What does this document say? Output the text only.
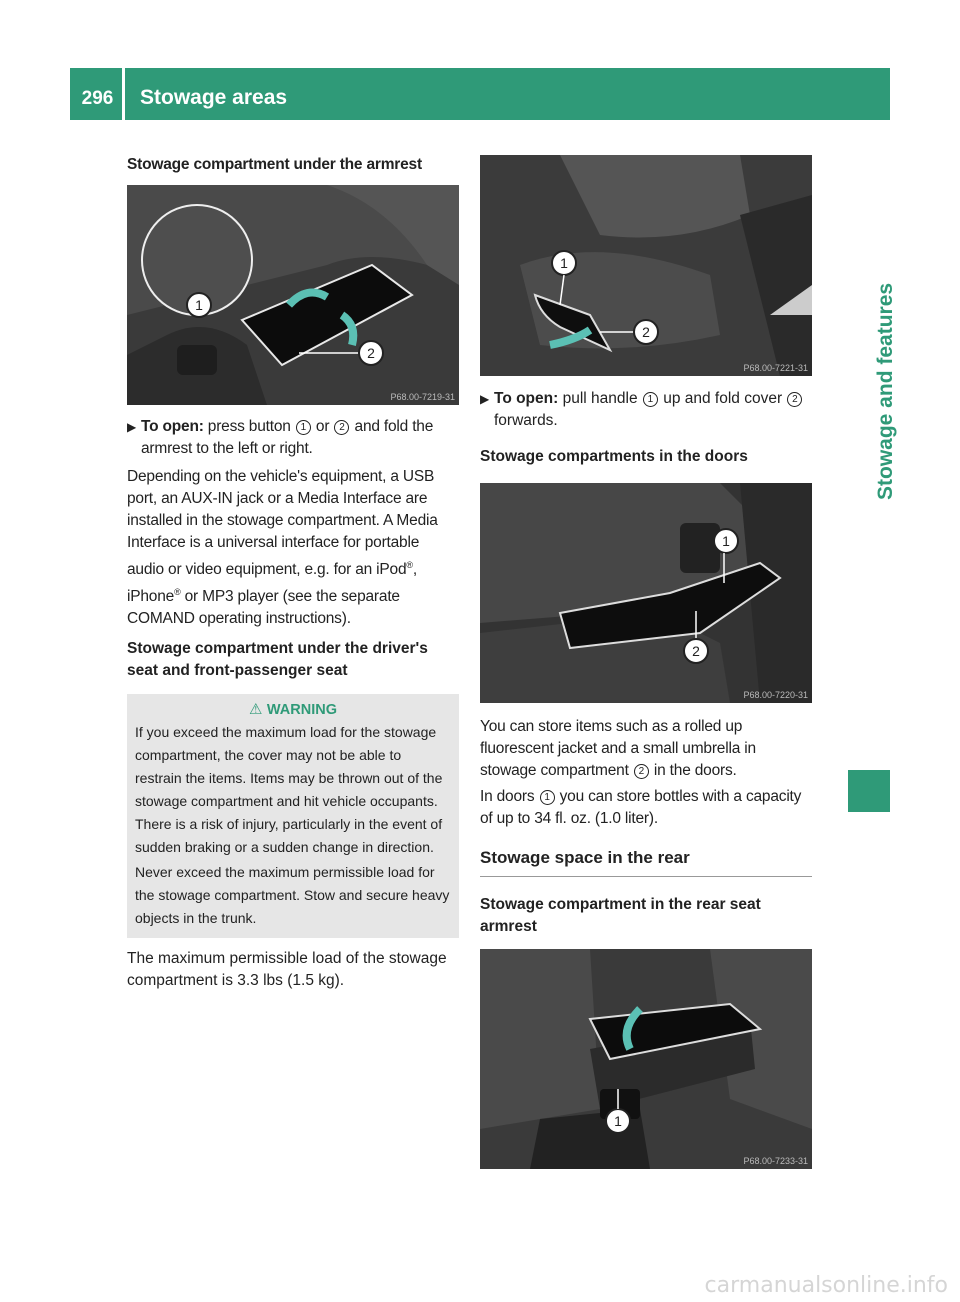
296	Stowage areas
Stowage and features
Stowage compartment under the armrest
1
2
P68.00-7219-31
▶ To open: press button 1 or 2 and fold the armrest to the left or right.

Depending on the vehicle's equipment, a USB port, an AUX-IN jack or a Media Interface are installed in the stowage compartment. A Media Interface is a universal interface for portable audio or video equipment, e.g. for an iPod®, iPhone® or MP3 player (see the separate COMAND operating instructions).

Stowage compartment under the driver's seat and front-passenger seat
⚠ WARNING

If you exceed the maximum load for the stowage compartment, the cover may not be able to restrain the items. Items may be thrown out of the stowage compartment and hit vehicle occupants. There is a risk of injury, particularly in the event of sudden braking or a sudden change in direction.

Never exceed the maximum permissible load for the stowage compartment. Stow and secure heavy objects in the trunk.

The maximum permissible load of the stowage compartment is 3.3 lbs (1.5 kg).

1
2
P68.00-7221-31
▶ To open: pull handle 1 up and fold cover 2 forwards.

Stowage compartments in the doors
1
2
P68.00-7220-31

You can store items such as a rolled up fluorescent jacket and a small umbrella in stowage compartment 2 in the doors.

In doors 1 you can store bottles with a capacity of up to 34 fl. oz. (1.0 liter).

Stowage space in the rear
Stowage compartment in the rear seat armrest
1
P68.00-7233-31
carmanualsonline.info
